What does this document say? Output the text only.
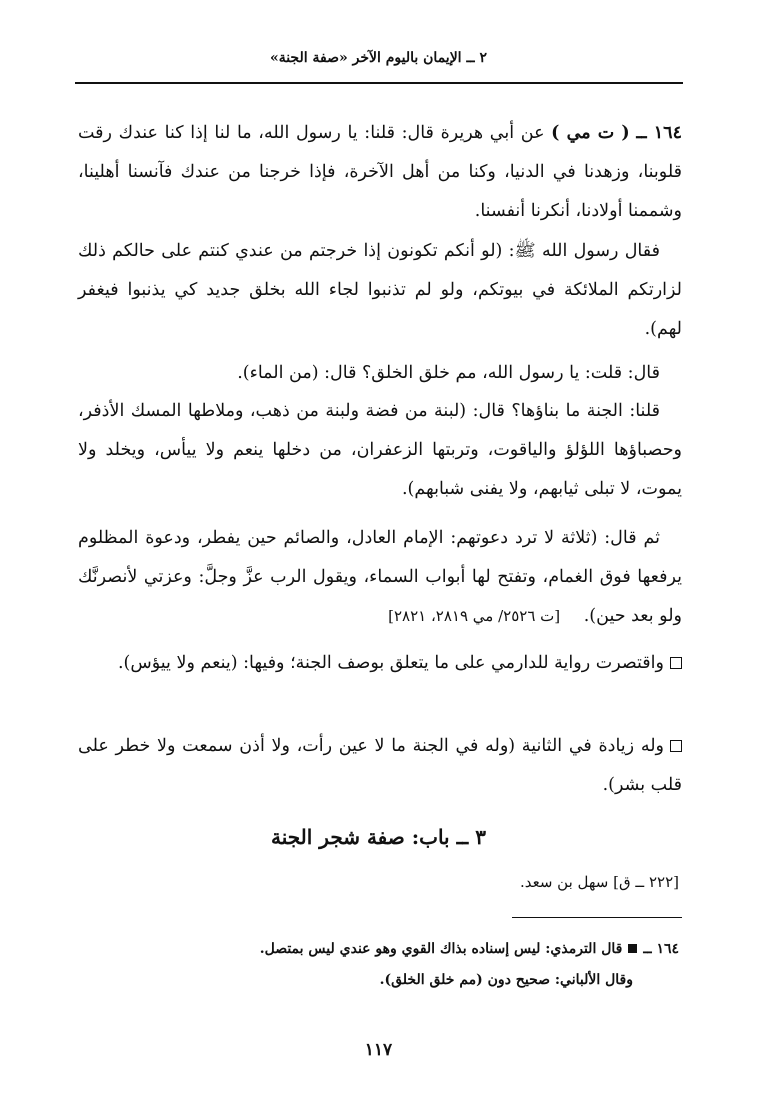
٢ ــ الإيمان باليوم الآخر «صفة الجنة»

١٦٤ ــ ( ت مي ) عن أبي هريرة قال: قلنا: يا رسول الله، ما لنا إذا كنا عندك رقت قلوبنا، وزهدنا في الدنيا، وكنا من أهل الآخرة، فإذا خرجنا من عندك فآنسنا أهلينا، وشممنا أولادنا، أنكرنا أنفسنا.

فقال رسول الله ﷺ: (لو أنكم تكونون إذا خرجتم من عندي كنتم على حالكم ذلك لزارتكم الملائكة في بيوتكم، ولو لم تذنبوا لجاء الله بخلق جديد كي يذنبوا فيغفر لهم).

قال: قلت: يا رسول الله، مم خلق الخلق؟ قال: (من الماء).

قلنا: الجنة ما بناؤها؟ قال: (لبنة من فضة ولبنة من ذهب، وملاطها المسك الأذفر، وحصباؤها اللؤلؤ والياقوت، وتربتها الزعفران، من دخلها ينعم ولا ييأس، ويخلد ولا يموت، لا تبلى ثيابهم، ولا يفنى شبابهم).

ثم قال: (ثلاثة لا ترد دعوتهم: الإمام العادل، والصائم حين يفطر، ودعوة المظلوم يرفعها فوق الغمام، وتفتح لها أبواب السماء، ويقول الرب عزَّ وجلَّ: وعزتي لأنصرنَّك ولو بعد حين). [ت ٢٥٢٦/ مي ٢٨١٩، ٢٨٢١]

واقتصرت رواية للدارمي على ما يتعلق بوصف الجنة؛ وفيها: (ينعم ولا ييؤس).

وله زيادة في الثانية (وله في الجنة ما لا عين رأت، ولا أذن سمعت ولا خطر على قلب بشر).

٣ ــ باب: صفة شجر الجنة
[٢٢٢ ــ ق] سهل بن سعد.
١٦٤ ــقال الترمذي: ليس إسناده بذاك القوي وهو عندي ليس بمتصل.
وقال الألباني: صحيح دون (مم خلق الخلق).
١١٧
